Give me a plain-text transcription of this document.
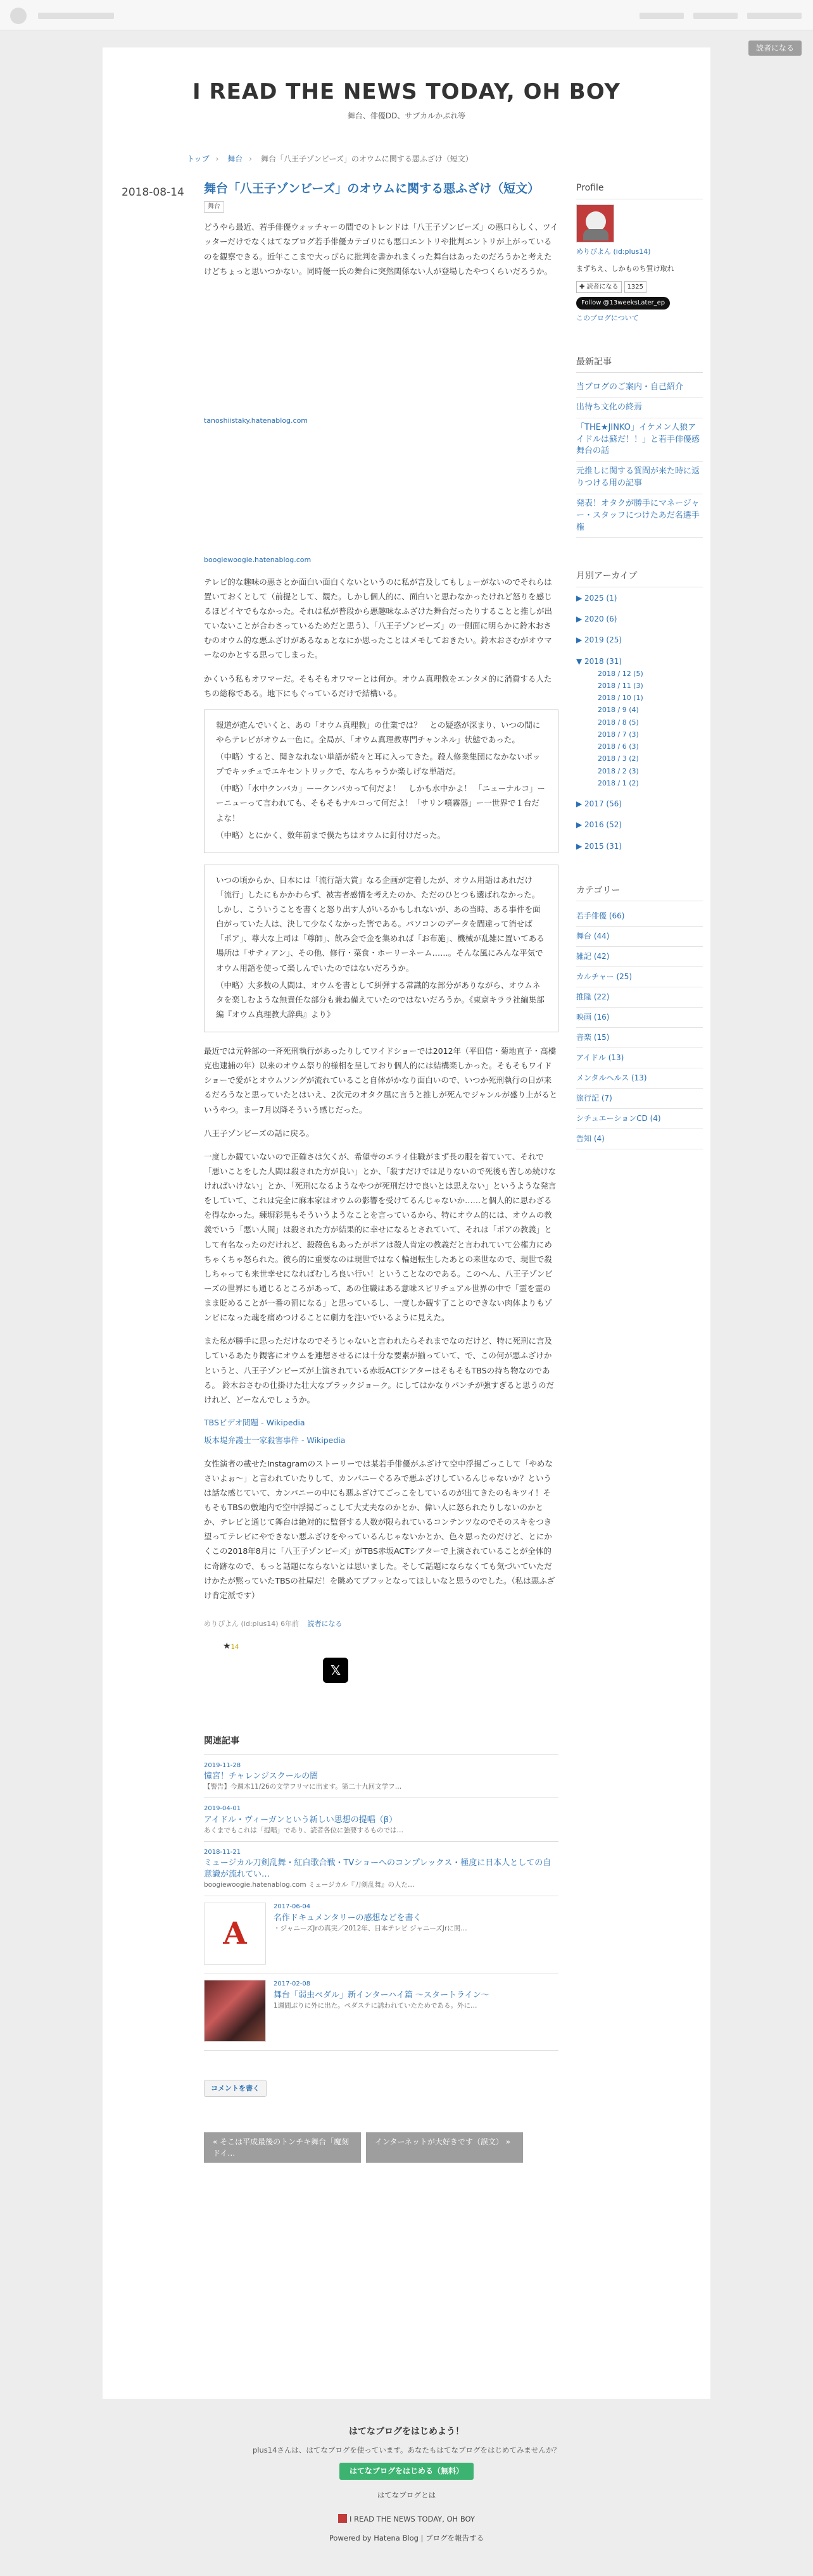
読者になる
I READ THE NEWS TODAY, OH BOY
舞台、俳優DD、サブカルかぶれ等
トップ › 舞台 › 舞台「八王子ゾンビーズ」のオウムに関する悪ふざけ（短文）
2018-08-14 舞台「八王子ゾンビーズ」のオウムに関する悪ふざけ（短文）
舞台

どうやら最近、若手俳優ウォッチャーの間でのトレンドは「八王子ゾンビーズ」の悪口らしく、ツイッターだけでなくはてなブログ若手俳優カテゴリにも悪口エントリや批判エントリが上がっているのを観察できる。近年ここまで大っぴらに批判を書かれまくった舞台はあったのだろうかと考えたけどちょっと思いつかない。同時優一氏の舞台に突然関係ない人が登場したやつくらいだろうか。

tanoshiistaky.hatenablog.com
boogiewoogie.hatenablog.com

テレビ的な趣味の悪さとか面白い面白くないというのに私が言及してもしょーがないのでそれらは置いておくとして（前提として、観た。しかし個人的に、面白いと思わなかったけれど怒りを感じるほどイヤでもなかった。それは私が普段から悪趣味なふざけた舞台だったりすることと推しが出ていないことが合わさっているためだと思う）、「八王子ゾンビーズ」の一側面に明らかに鈴木おさむのオウム的な悪ふざけがあるなぁとなにか思ったことはメモしておきたい。鈴木おさむがオウマーなのかとする思ってしまった。

かくいう私もオワマーだ。そもそもオワマーとは何か。オウム真理教をエンタメ的に消費する人たちの総称である。地下にもぐっているだけで結構いる。

報道が進んでいくと、あの「オウム真理教」の仕業では？　との疑惑が深まり、いつの間にやらテレビがオウム一色に。全局が、「オウム真理教専門チャンネル」状態であった。

（中略）すると、聞きなれない単語が続々と耳に入ってきた。殺人修業集団になかないポップでキッチュでエキセントリックで、なんちゃうか楽しげな単語だ。

（中略）「水中クンバカ」ーークンバカって何だよ！　しかも水中かよ！ 「ニューナルコ」ーーニューって言われても、そもそもナルコって何だよ！「サリン噴霧器」ー一世界で１台だよな！

（中略）とにかく、数年前まで僕たちはオウムに釘付けだった。

いつの頃からか、日本には「流行語大賞」なる企画が定着したが、オウム用語はあれだけ「流行」したにもかかわらず、被害者感情を考えたのか、ただのひとつも選ばれなかった。しかし、こういうことを書くと怒り出す人がいるかもしれないが、あの当時、ある事件を面白がっていた人は、決して少なくなかった筈である。パソコンのデータを間違って消せば「ポア」、尊大な上司は「尊師」、飲み会で金を集めれば「お布施」、機械が乱雑に置いてある場所は「サティアン」、その他、修行・菜食・ホーリーネーム……。そんな風にみんな平気でオウム用語を使って楽しんでいたのではないだろうか。

（中略）大多数の人間は、オウムを書として糾弾する常識的な部分がありながら、オウムネタを楽しむような無責任な部分も兼ね備えていたのではないだろうか。《東京キララ社編集部編『オウム真理教大辞典』より》

最近では元幹部の一斉死刑執行があったりしてワイドショーでは2012年（平田信・菊地直子・高橋克也逮捕の年）以来のオウム祭り的様相を呈しており個人的には結構楽しかった。そもそもワイドショーで愛がとオウムソングが流れていること自体がかなり面白いので、いつか死刑執行の日が来るだろうなと思っていたとはいえ、2次元のオタク風に言うと推しが死んでジャンルが盛り上がるというやつ。まー7月以降そういう感じだった。

八王子ゾンビーズの話に戻る。

一度しか観ていないので正確さは欠くが、希望寺のエライ住職がまず長の服を着ていて、それで「悪いことをした人間は殺された方が良い」とか、「殺すだけでは足りないので死後も苦しめ続けなければいけない」とか、「死刑になるようなやつが死刑だけで良いとは思えない」というような発言をしていて、これは完全に麻本家はオウムの影響を受けてるんじゃないか……と個人的に思わざるを得なかった。練塀彩晃もそういうようなことを言っているから、特にオウム的には、オウムの教義でいう「悪い人間」は殺された方が結果的に幸せになるとされていて、それは「ポアの教義」として有名なったのだけれど、殺殺色もあったがポアは殺人肯定の教義だと言われていて公権力にめちゃくちゃ怒られた。彼ら的に重要なのは現世ではなく輪廻転生したあとの来世なので、現世で殺しちゃっても来世幸せになればむしろ良い行い！ということなのである。このへん、八王子ゾンビーズの世界にも通じるところがあって、あの住職はある意味スピリチュアル世界の中で「霊を霊のまま貶めることが一番の罰になる」と思っているし、一度しか観す了ことのできない肉体よりもゾンビになった魂を痛めつけることに劇力を注いでいるように見えた。

また私が勝手に思っただけなのでそうじゃないと言われたらそれまでなのだけど、特に死刑に言及しているあたり観客にオウムを連想させるには十分な要素が揃っていて、で、この何が悪ふざけかというと、八王子ゾンビーズが上演されている赤坂ACTシアターはそもそもTBSの持ち物なのである。 鈴木おさむの仕掛けた壮大なブラックジョーク。にしてはかなりパンチが強すぎると思うのだけれど、どーなんでしょうか。

TBSビデオ問題 - Wikipedia
坂本堤弁護士一家殺害事件 - Wikipedia

女性演者の載せたInstagramのストーリーでは某若手俳優がふざけて空中浮揚ごっこして「やめなさいよぉ〜」と言われていたりして、カンパニーぐるみで悪ふざけしているんじゃないか？というは話な感じていて、カンパニーの中にも悪ふざけてごっこをしているのが出てきたのもキツイ！そもそもTBSの敷地内で空中浮揚ごっこして大丈夫なのかとか、偉い人に怒られたりしないのかとか、テレビと通じて舞台は絶対的に監督する人数が限られているコンテンツなのでそのスキをつき望ってテレビにやできない悪ふざけをやっているんじゃないかとか、色々思ったのだけど、とにかくこの2018年8月に「八王子ゾンビーズ」がTBS赤坂ACTシアターで上演されていることが全体的に奇跡なので、もっと話題にならないとは思いました。そして話題にならなくても気づいていただけかたが黙っていたTBSの社屋だ！を眺めてブフッとなってほしいなと思うのでした。（私は悪ふざけ肯定派です）

めりぴよん (id:plus14) 6年前 読者になる
★14
𝕏
関連記事
2019-11-28
憧宮！チャレンジスクールの闇
【警告】今週木11/26の文学フリマに出ます。第二十九回文学フ…
2019-04-01
アイドル・ヴィーガンという新しい思想の提唱（β）
あくまでもこれは「提唱」であり、読者各位に強要するものでは…
2018-11-21
ミュージカル刀剣乱舞・紅白歌合戦・TVショーへのコンプレックス・極度に日本人としての自意識が流れてい…
boogiewoogie.hatenablog.com ミュージカル『刀剣乱舞』の人た…
A
2017-06-04
名作ドキュメンタリーの感想などを書く
・ジャニーズJrの真実／2012年、日本テレビ ジャニーズJrに関…
2017-02-08
舞台「弱虫ペダル」新インターハイ篇 ～スタートライン～
1週間ぶりに外に出た。ペダステに誘われていたためである。外に…
コメントを書く
« そこは平成最後のトンチキ舞台「魔刻ドイ…
インターネットが大好きです（誤文） »
Profile
めりぴよん (id:plus14)
まずちえ、しかものち質け取れ
✚ 読者になる 1325
Follow @13weeksLater_ep
このブログについて
最新記事
当ブログのご案内・自己紹介
出待ち文化の終焉
「THE★JINKO」イケメン人狼アイドルは蘇だ！！」と若手俳優感舞台の話
元推しに関する質問が来た時に返りつける用の記事
発表！オタクが勝手にマネージャー・スタッフにつけたあだ名選手権
月別アーカイブ
▶ 2025 (1)
▶ 2020 (6)
▶ 2019 (25)
▼ 2018 (31)
2018 / 12 (5)
2018 / 11 (3)
2018 / 10 (1)
2018 / 9 (4)
2018 / 8 (5)
2018 / 7 (3)
2018 / 6 (3)
2018 / 3 (2)
2018 / 2 (3)
2018 / 1 (2)
▶ 2017 (56)
▶ 2016 (52)
▶ 2015 (31)
カテゴリー
若手俳優 (66)
舞台 (44)
雑記 (42)
カルチャー (25)
推隆 (22)
映画 (16)
音楽 (15)
アイドル (13)
メンタルヘルス (13)
旅行記 (7)
シチュエーションCD (4)
告知 (4)
はてなブログをはじめよう！
plus14さんは、はてなブログを使っています。あなたもはてなブログをはじめてみませんか？
はてなブログをはじめる（無料）
はてなブログとは
I READ THE NEWS TODAY, OH BOY
Powered by Hatena Blog | ブログを報告する
